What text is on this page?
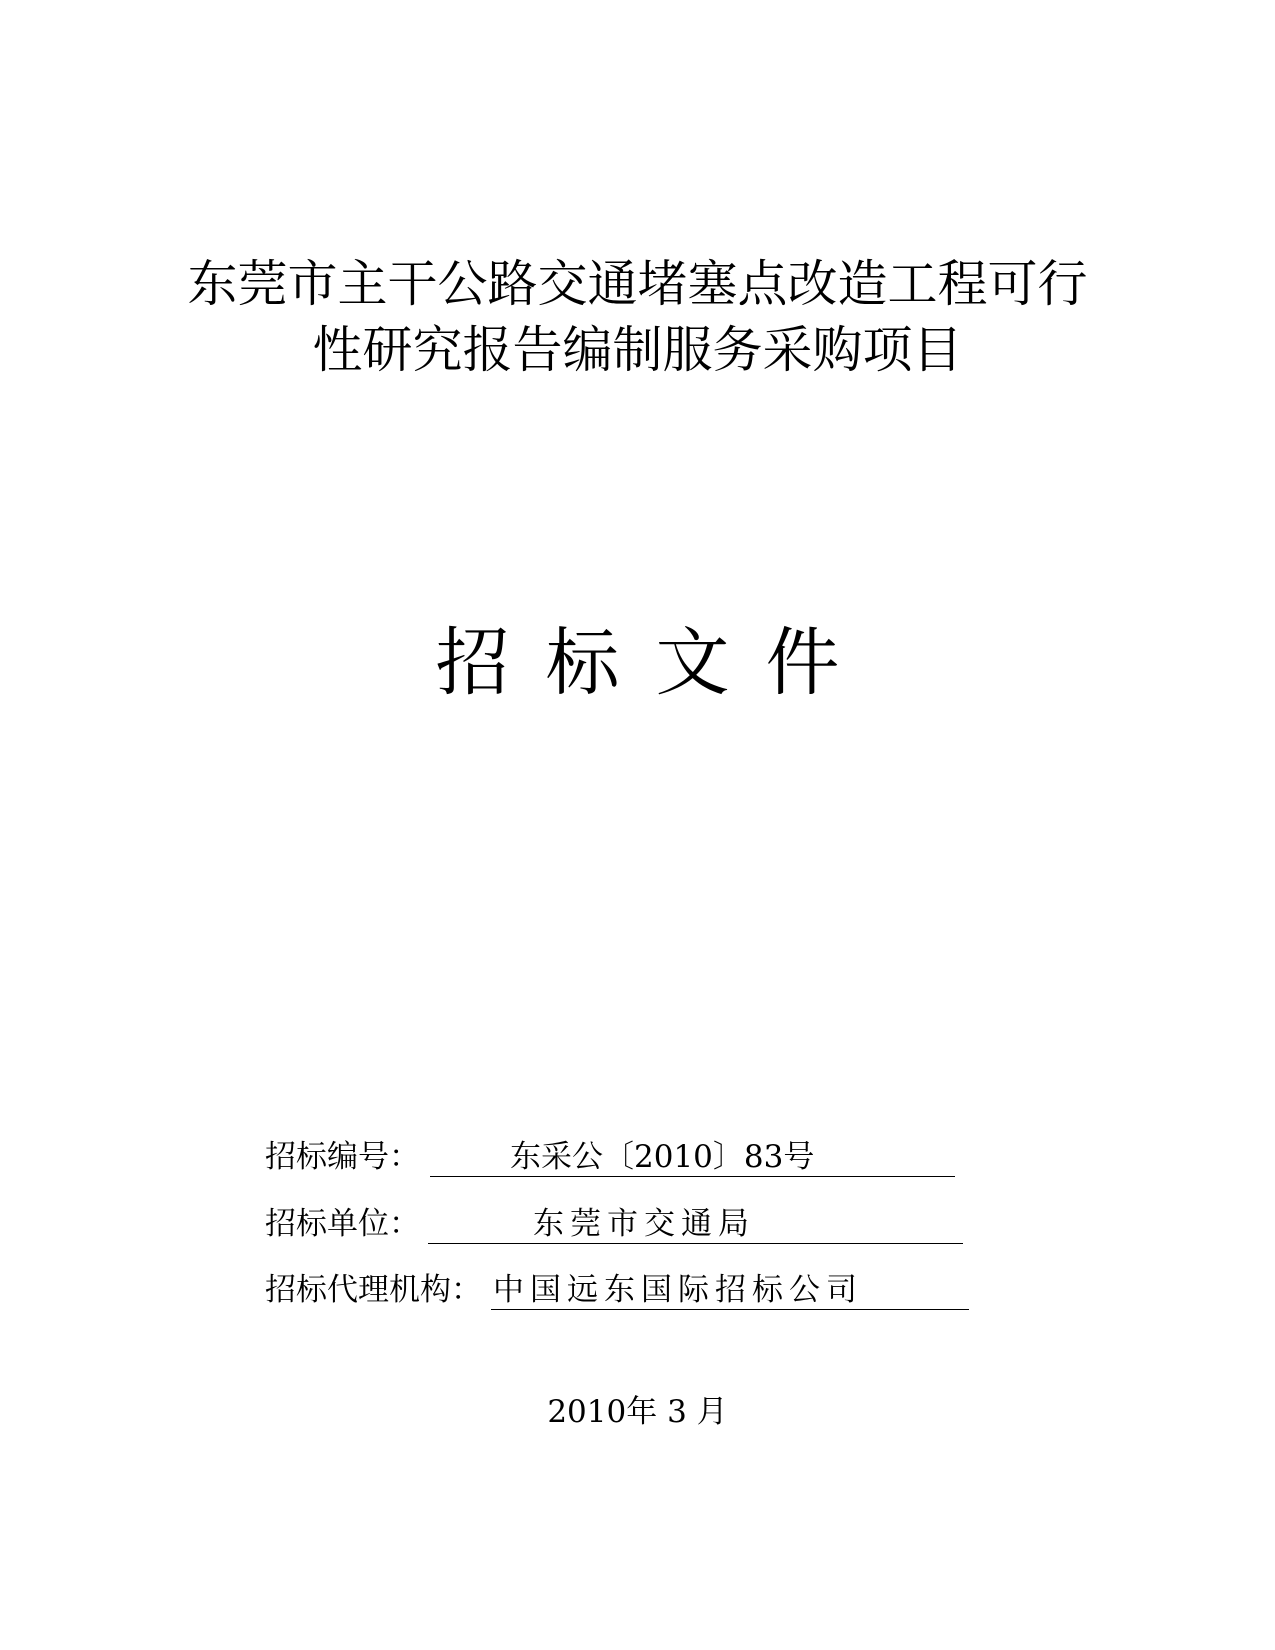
东莞市主干公路交通堵塞点改造工程可行
性研究报告编制服务采购项目
招标文件
招标编号：	东采公〔2010〕83号
招标单位：	东莞市交通局
招标代理机构： 中国远东国际招标公司
2010年 3 月
